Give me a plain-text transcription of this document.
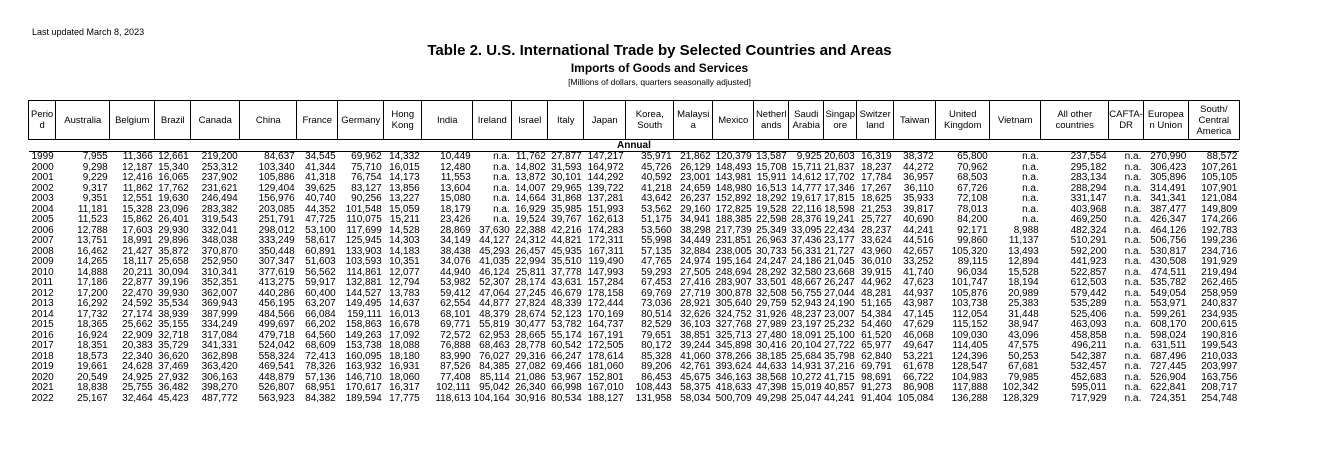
Last updated March 8, 2023
Table 2. U.S. International Trade by Selected Countries and Areas
Imports of Goods and Services
[Millions of dollars, quarters seasonally adjusted]
Perio
d	Australia	Belgium	Brazil	Canada	China	France	Germany	Hong
Kong	India	Ireland	Israel	Italy	Japan	Korea,
South	Malaysi
a	Mexico	Netherl
ands	Saudi
Arabia	Singap
ore	Switzer
land	Taiwan	United
Kingdom	Vietnam	All other
countries	CAFTA-
DR	Europea
n Union	South/
Central
America
Annual																											
1999	7,955	11,366	12,661	219,200	84,637	34,545	69,962	14,332	10,449	n.a.	11,762	27,877	147,217	35,971	21,862	120,379	13,587	9,925	20,603	16,319	38,372	65,800	n.a.	237,554	n.a.	270,990	88,572
2000	9,298	12,187	15,340	253,312	103,340	41,344	75,710	16,015	12,480	n.a.	14,802	31,593	164,972	45,726	26,129	148,493	15,708	15,711	21,837	18,237	44,272	70,962	n.a.	295,182	n.a.	306,423	107,261
2001	9,229	12,416	16,065	237,902	105,886	41,318	76,754	14,173	11,553	n.a.	13,872	30,101	144,292	40,592	23,001	143,981	15,911	14,612	17,702	17,784	36,957	68,503	n.a.	283,134	n.a.	305,896	105,105
2002	9,317	11,862	17,762	231,621	129,404	39,625	83,127	13,856	13,604	n.a.	14,007	29,965	139,722	41,218	24,659	148,980	16,513	14,777	17,346	17,267	36,110	67,726	n.a.	288,294	n.a.	314,491	107,901
2003	9,351	12,551	19,630	246,494	156,976	40,740	90,256	13,227	15,080	n.a.	14,664	31,868	137,281	43,642	26,237	152,892	18,292	19,617	17,815	18,625	35,933	72,108	n.a.	331,147	n.a.	341,341	121,084
2004	11,181	15,328	23,096	283,382	203,085	44,352	101,548	15,059	18,179	n.a.	16,929	35,985	151,993	53,562	29,160	172,825	19,528	22,116	18,598	21,253	39,817	78,013	n.a.	403,968	n.a.	387,477	149,809
2005	11,523	15,862	26,401	319,543	251,791	47,725	110,075	15,211	23,426	n.a.	19,524	39,767	162,613	51,175	34,941	188,385	22,598	28,376	19,241	25,727	40,690	84,200	n.a.	469,250	n.a.	426,347	174,266
2006	12,788	17,603	29,930	332,041	298,012	53,100	117,699	14,528	28,869	37,630	22,388	42,216	174,283	53,560	38,298	217,739	25,349	33,095	22,434	28,237	44,241	92,171	8,988	482,324	n.a.	464,126	192,783
2007	13,751	18,991	29,896	348,038	333,249	58,617	125,945	14,303	34,149	44,127	24,312	44,821	172,311	55,998	34,449	231,851	26,963	37,436	23,177	33,624	44,516	99,860	11,137	510,291	n.a.	506,756	199,236
2008	16,462	21,427	35,872	370,870	350,448	60,891	133,903	14,183	38,438	45,293	26,457	45,935	167,311	57,135	32,884	238,005	30,733	56,331	21,727	43,960	42,657	105,320	13,493	592,200	n.a.	530,817	234,716
2009	14,265	18,117	25,658	252,950	307,347	51,603	103,593	10,351	34,076	41,035	22,994	35,510	119,490	47,765	24,974	195,164	24,247	24,186	21,045	36,010	33,252	89,115	12,894	441,923	n.a.	430,508	191,929
2010	14,888	20,211	30,094	310,341	377,619	56,562	114,861	12,077	44,940	46,124	25,811	37,778	147,993	59,293	27,505	248,694	28,292	32,580	23,668	39,915	41,740	96,034	15,528	522,857	n.a.	474,511	219,494
2011	17,186	22,877	39,196	352,351	413,275	59,917	132,881	12,794	53,982	52,307	28,174	43,631	157,284	67,453	27,416	283,907	33,501	48,667	26,247	44,962	47,623	101,747	18,194	612,503	n.a.	535,782	262,465
2012	17,200	22,470	39,930	362,007	440,286	60,400	144,527	13,783	59,412	47,064	27,245	46,679	178,158	69,769	27,719	300,878	32,508	56,755	27,044	48,281	44,937	105,876	20,989	579,442	n.a.	549,054	258,959
2013	16,292	24,592	35,534	369,943	456,195	63,207	149,495	14,637	62,554	44,877	27,824	48,339	172,444	73,036	28,921	305,640	29,759	52,943	24,190	51,165	43,987	103,738	25,383	535,289	n.a.	553,971	240,837
2014	17,732	27,174	38,939	387,999	484,566	66,084	159,111	16,013	68,101	48,379	28,674	52,123	170,169	80,514	32,626	324,752	31,926	48,237	23,007	54,384	47,145	112,054	31,448	525,406	n.a.	599,261	234,935
2015	18,365	25,662	35,155	334,249	499,697	66,202	158,863	16,678	69,771	55,819	30,477	53,782	164,737	82,529	36,103	327,768	27,989	23,197	25,232	54,460	47,629	115,152	38,947	463,093	n.a.	608,170	200,615
2016	16,924	22,909	32,718	317,084	479,718	64,560	149,263	17,092	72,572	62,953	28,665	55,174	167,191	79,651	38,851	325,713	27,480	18,091	25,100	61,520	46,068	109,030	43,096	458,858	n.a.	598,024	190,816
2017	18,351	20,383	35,729	341,331	524,042	68,609	153,738	18,088	76,888	68,463	28,778	60,542	172,505	80,172	39,244	345,898	30,416	20,104	27,722	65,977	49,647	114,405	47,575	496,211	n.a.	631,511	199,543
2018	18,573	22,340	36,620	362,898	558,324	72,413	160,095	18,180	83,990	76,027	29,316	66,247	178,614	85,328	41,060	378,266	38,185	25,684	35,798	62,840	53,221	124,396	50,253	542,387	n.a.	687,496	210,033
2019	19,661	24,628	37,469	363,420	469,541	78,326	163,932	16,931	87,526	84,385	27,082	69,466	181,060	89,206	42,761	393,624	44,633	14,931	37,216	69,791	61,678	128,547	67,681	532,457	n.a.	727,445	203,997
2020	20,549	24,925	27,932	306,163	448,879	57,136	146,710	18,060	77,408	85,114	21,086	53,967	152,801	86,453	45,675	346,163	38,568	10,272	41,715	98,691	66,722	104,983	79,985	452,683	n.a.	526,904	163,756
2021	18,838	25,755	36,482	398,270	526,807	68,951	170,617	16,317	102,111	95,042	26,340	66,998	167,010	108,443	58,375	418,633	47,398	15,019	40,857	91,273	86,908	117,888	102,342	595,011	n.a.	622,841	208,717
2022	25,167	32,464	45,423	487,772	563,923	84,382	189,594	17,775	118,613	104,164	30,916	80,534	188,127	131,958	58,034	500,709	49,298	25,047	44,241	91,404	105,084	136,288	128,329	717,929	n.a.	724,351	254,748
